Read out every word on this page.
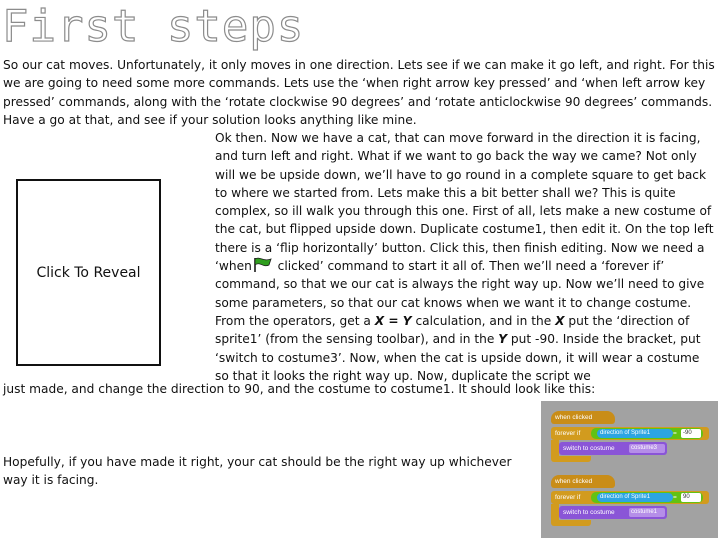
First steps

So our cat moves. Unfortunately, it only moves in one direction. Lets see if we can make it go left, and right. For this we are going to need some more commands. Lets use the ‘when right arrow key pressed’ and ‘when left arrow key pressed’ commands, along with the ‘rotate clockwise 90 degrees’ and ‘rotate anticlockwise 90 degrees’ commands. Have a go at that, and see if your solution looks anything like mine.

Click To Reveal

Ok then. Now we have a cat, that can move forward in the direction it is facing, and turn left and right. What if we want to go back the way we came? Not only will we be upside down, we’ll have to go round in a complete square to get back to where we started from. Lets make this a bit better shall we? This is quite complex, so ill walk you through this one. First of all, lets make a new costume of the cat, but flipped upside down. Duplicate costume1, then edit it. On the top left there is a ‘flip horizontally’ button. Click this, then finish editing. Now we need a ‘when clicked’ command to start it all of. Then we’ll need a ‘forever if’ command, so that we our cat is always the right way up. Now we’ll need to give some parameters, so that our cat knows when we want it to change costume. From the operators, get a X = Y calculation, and in the X put the ‘direction of sprite1’ (from the sensing toolbar), and in the Y put -90. Inside the bracket, put ‘switch to costume3’. Now, when the cat is upside down, it will wear a costume so that it looks the right way up. Now, duplicate the script we

just made, and change the direction to 90, and the costume to costume1. It should look like this:

Hopefully, if you have made it right, your cat should be the right way up whichever way it is facing.

when clicked
forever if	direction of Sprite1	=	-90
switch to costume	costume3
when clicked
forever if	direction of Sprite1	=	90
switch to costume	costume1
